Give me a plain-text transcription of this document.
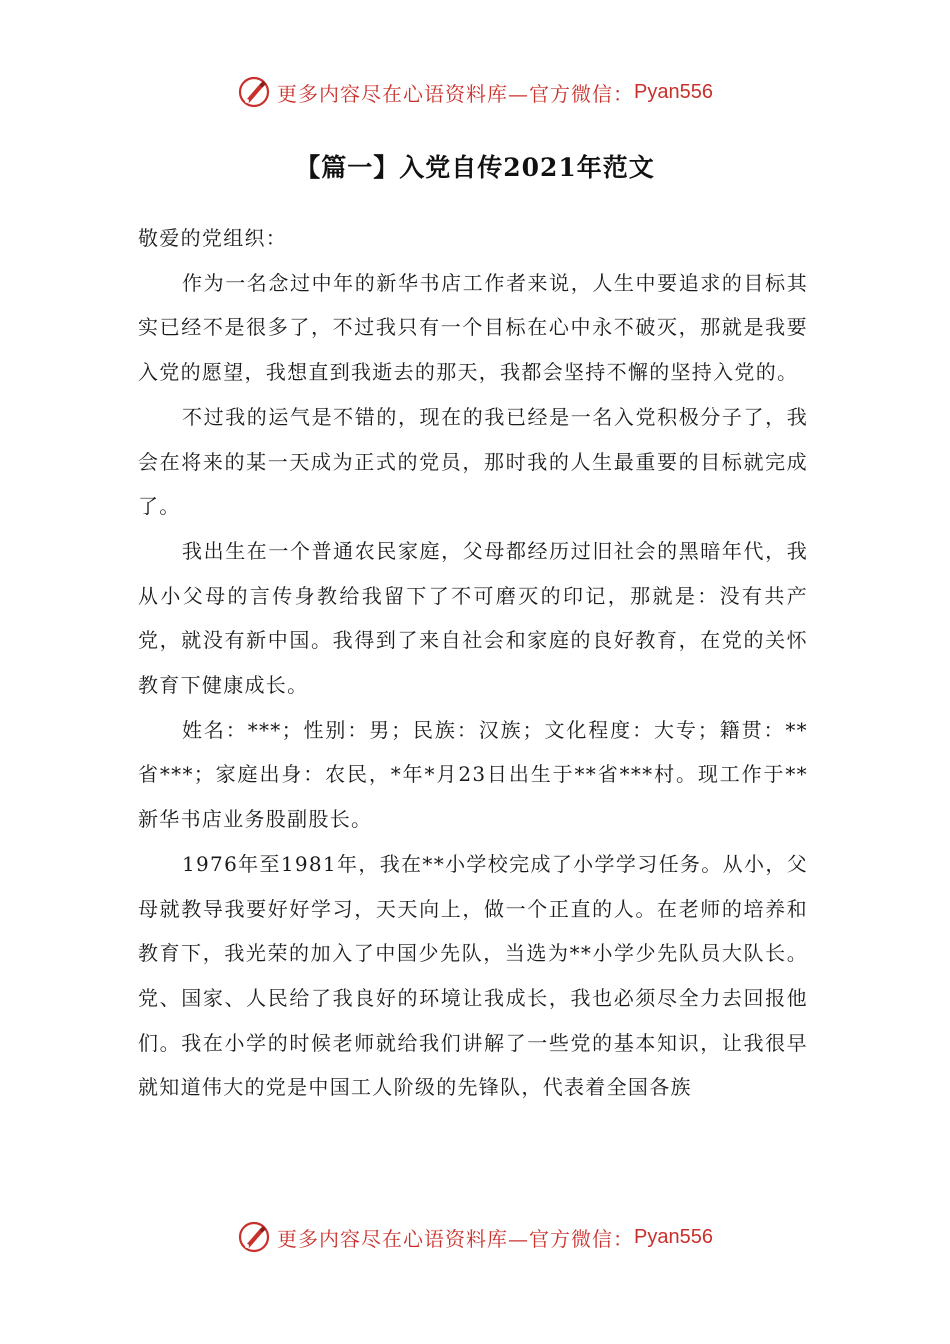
更多内容尽在心语资料库—官方微信： Pyan556
【篇一】入党自传2021年范文

敬爱的党组织：

作为一名念过中年的新华书店工作者来说，人生中要追求的目标其实已经不是很多了，不过我只有一个目标在心中永不破灭，那就是我要入党的愿望，我想直到我逝去的那天，我都会坚持不懈的坚持入党的。

不过我的运气是不错的，现在的我已经是一名入党积极分子了，我会在将来的某一天成为正式的党员，那时我的人生最重要的目标就完成了。

我出生在一个普通农民家庭，父母都经历过旧社会的黑暗年代，我从小父母的言传身教给我留下了不可磨灭的印记，那就是：没有共产党，就没有新中国。我得到了来自社会和家庭的良好教育，在党的关怀教育下健康成长。

姓名：***；性别：男；民族：汉族；文化程度：大专；籍贯：**省***；家庭出身：农民，*年*月23日出生于**省***村。现工作于**新华书店业务股副股长。

1976年至1981年，我在**小学校完成了小学学习任务。从小，父母就教导我要好好学习，天天向上，做一个正直的人。在老师的培养和教育下，我光荣的加入了中国少先队，当选为**小学少先队员大队长。党、国家、人民给了我良好的环境让我成长，我也必须尽全力去回报他们。我在小学的时候老师就给我们讲解了一些党的基本知识，让我很早就知道伟大的党是中国工人阶级的先锋队，代表着全国各族

更多内容尽在心语资料库—官方微信： Pyan556
